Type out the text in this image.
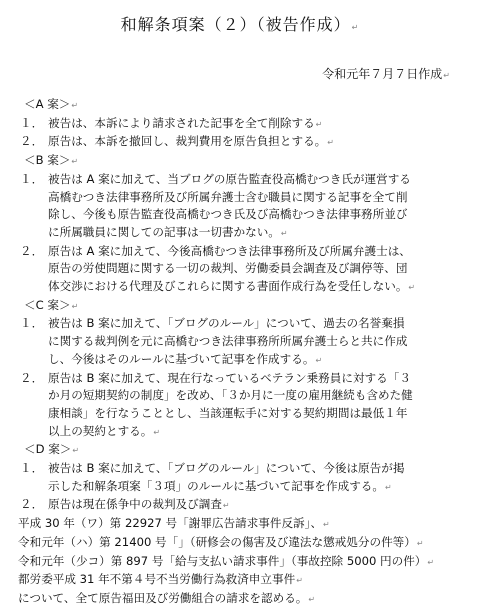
和解条項案（２）（被告作成）↵
令和元年７月７日作成↵
＜A 案＞↵
１． 被告は、本訴により請求された記事を全て削除する↵
２． 原告は、本訴を撤回し、裁判費用を原告負担とする。↵
＜B 案＞↵
１． 被告は A 案に加えて、当ブログの原告監査役高橋むつき氏が運営する
高橋むつき法律事務所及び所属弁護士含む職員に関する記事を全て削
除し、今後も原告監査役高橋むつき氏及び高橋むつき法律事務所並び
に所属職員に関しての記事は一切書かない。↵
２． 原告は A 案に加えて、今後高橋むつき法律事務所及び所属弁護士は、
原告の労使問題に関する一切の裁判、労働委員会調査及び調停等、団
体交渉における代理及びこれらに関する書面作成行為を受任しない。↵
＜C 案＞↵
１． 被告は B 案に加えて、「ブログのルール」について、過去の名誉棄損
に関する裁判例を元に高橋むつき法律事務所所属弁護士らと共に作成
し、今後はそのルールに基づいて記事を作成する。↵
２． 原告は B 案に加えて、現在行なっているベテラン乗務員に対する「３
か月の短期契約の制度」を改め、「３か月に一度の雇用継続も含めた健
康相談」を行なうこととし、当該運転手に対する契約期間は最低１年
以上の契約とする。↵
＜D 案＞↵
１． 被告は B 案に加えて、「ブログのルール」について、今後は原告が掲
示した和解条項案「３項」のルールに基づいて記事を作成する。↵
２． 原告は現在係争中の裁判及び調査↵
平成 30 年（ワ）第 22927 号「謝罪広告請求事件反訴」、↵
令和元年（ハ）第 21400 号「」（研修会の傷害及び違法な懲戒処分の件等）↵
令和元年（少コ）第 897 号「給与支払い請求事件」（事故控除 5000 円の件）↵
都労委平成 31 年不第４号不当労働行為救済申立事件↵
について、全て原告福田及び労働組合の請求を認める。↵
